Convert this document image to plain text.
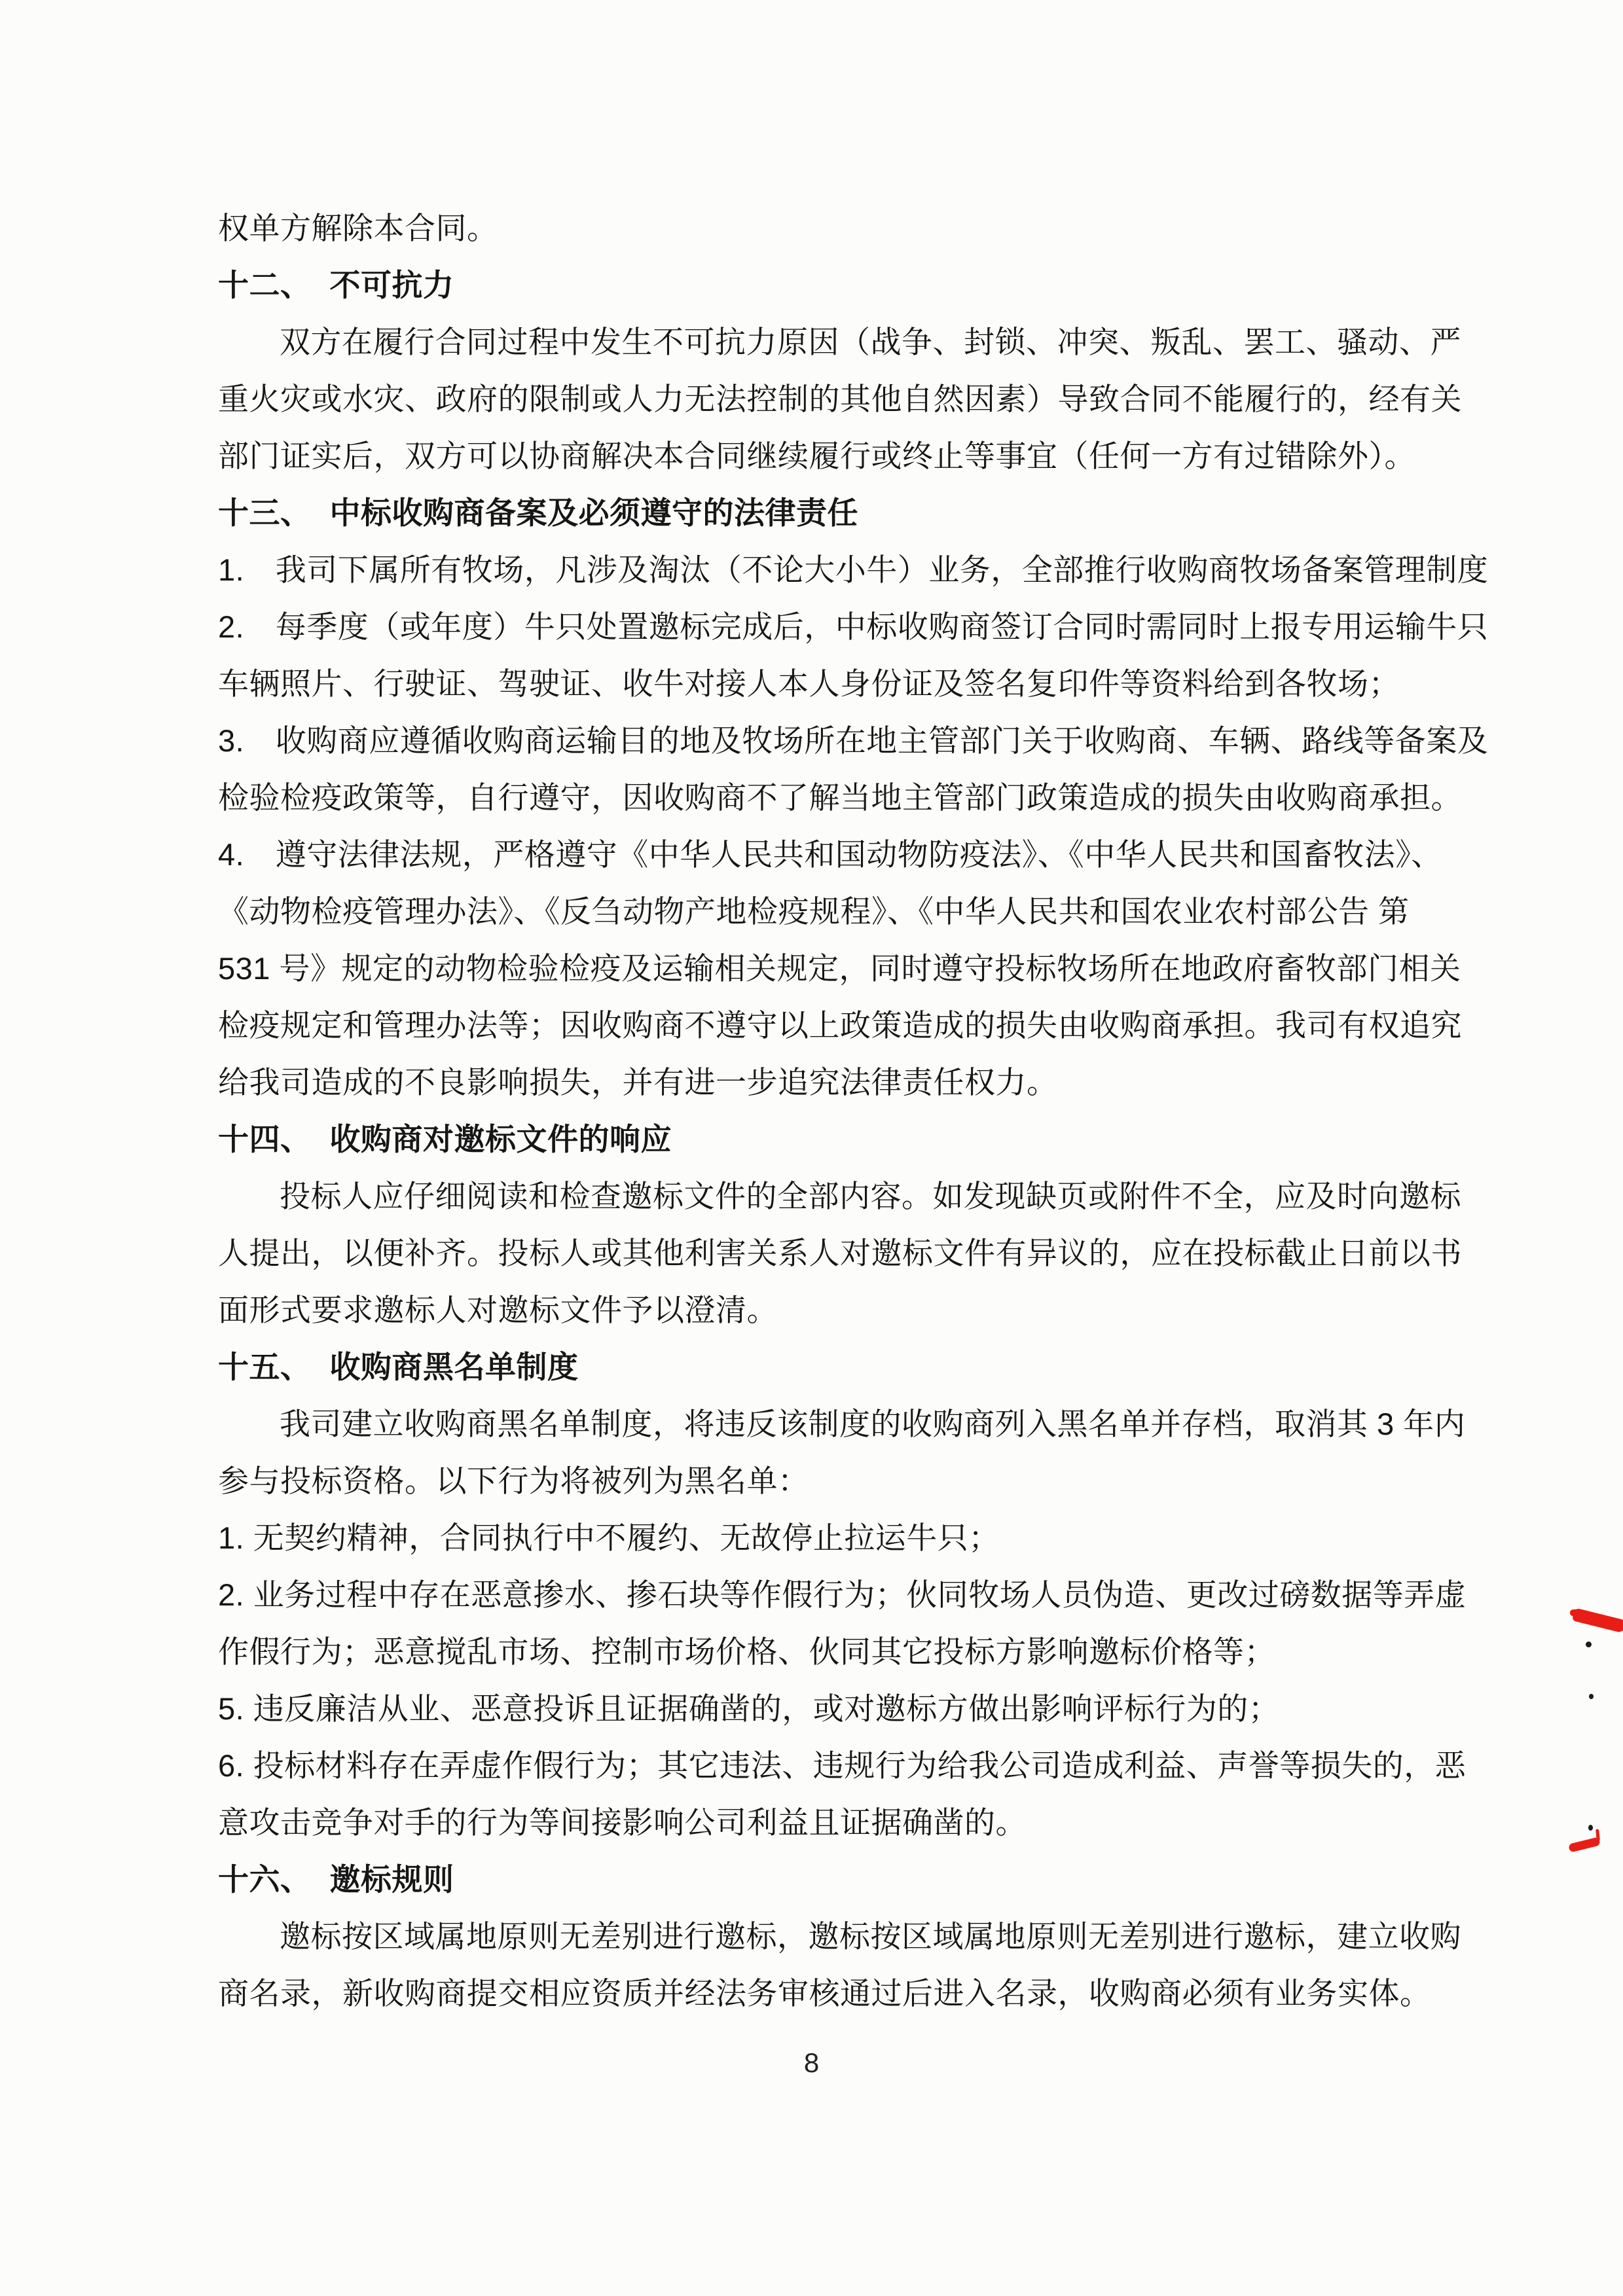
权单方解除本合同。
十二、 不可抗力
双方在履行合同过程中发生不可抗力原因（战争、封锁、冲突、叛乱、罢工、骚动、严
重火灾或水灾、政府的限制或人力无法控制的其他自然因素）导致合同不能履行的，经有关
部门证实后，双方可以协商解决本合同继续履行或终止等事宜（任何一方有过错除外）。
十三、 中标收购商备案及必须遵守的法律责任
1.　我司下属所有牧场，凡涉及淘汰（不论大小牛）业务，全部推行收购商牧场备案管理制度
2.　每季度（或年度）牛只处置邀标完成后，中标收购商签订合同时需同时上报专用运输牛只
车辆照片、行驶证、驾驶证、收牛对接人本人身份证及签名复印件等资料给到各牧场；
3.　收购商应遵循收购商运输目的地及牧场所在地主管部门关于收购商、车辆、路线等备案及
检验检疫政策等，自行遵守，因收购商不了解当地主管部门政策造成的损失由收购商承担。
4.　遵守法律法规，严格遵守《中华人民共和国动物防疫法》、《中华人民共和国畜牧法》、
《动物检疫管理办法》、《反刍动物产地检疫规程》、《中华人民共和国农业农村部公告 第
531 号》规定的动物检验检疫及运输相关规定，同时遵守投标牧场所在地政府畜牧部门相关
检疫规定和管理办法等；因收购商不遵守以上政策造成的损失由收购商承担。我司有权追究
给我司造成的不良影响损失，并有进一步追究法律责任权力。
十四、 收购商对邀标文件的响应
投标人应仔细阅读和检查邀标文件的全部内容。如发现缺页或附件不全，应及时向邀标
人提出，以便补齐。投标人或其他利害关系人对邀标文件有异议的，应在投标截止日前以书
面形式要求邀标人对邀标文件予以澄清。
十五、 收购商黑名单制度
我司建立收购商黑名单制度，将违反该制度的收购商列入黑名单并存档，取消其 3 年内
参与投标资格。以下行为将被列为黑名单：
1. 无契约精神，合同执行中不履约、无故停止拉运牛只；
2. 业务过程中存在恶意掺水、掺石块等作假行为；伙同牧场人员伪造、更改过磅数据等弄虚
作假行为；恶意搅乱市场、控制市场价格、伙同其它投标方影响邀标价格等；
5. 违反廉洁从业、恶意投诉且证据确凿的，或对邀标方做出影响评标行为的；
6. 投标材料存在弄虚作假行为；其它违法、违规行为给我公司造成利益、声誉等损失的，恶
意攻击竞争对手的行为等间接影响公司利益且证据确凿的。
十六、 邀标规则
邀标按区域属地原则无差别进行邀标，邀标按区域属地原则无差别进行邀标，建立收购
商名录，新收购商提交相应资质并经法务审核通过后进入名录，收购商必须有业务实体。
8
